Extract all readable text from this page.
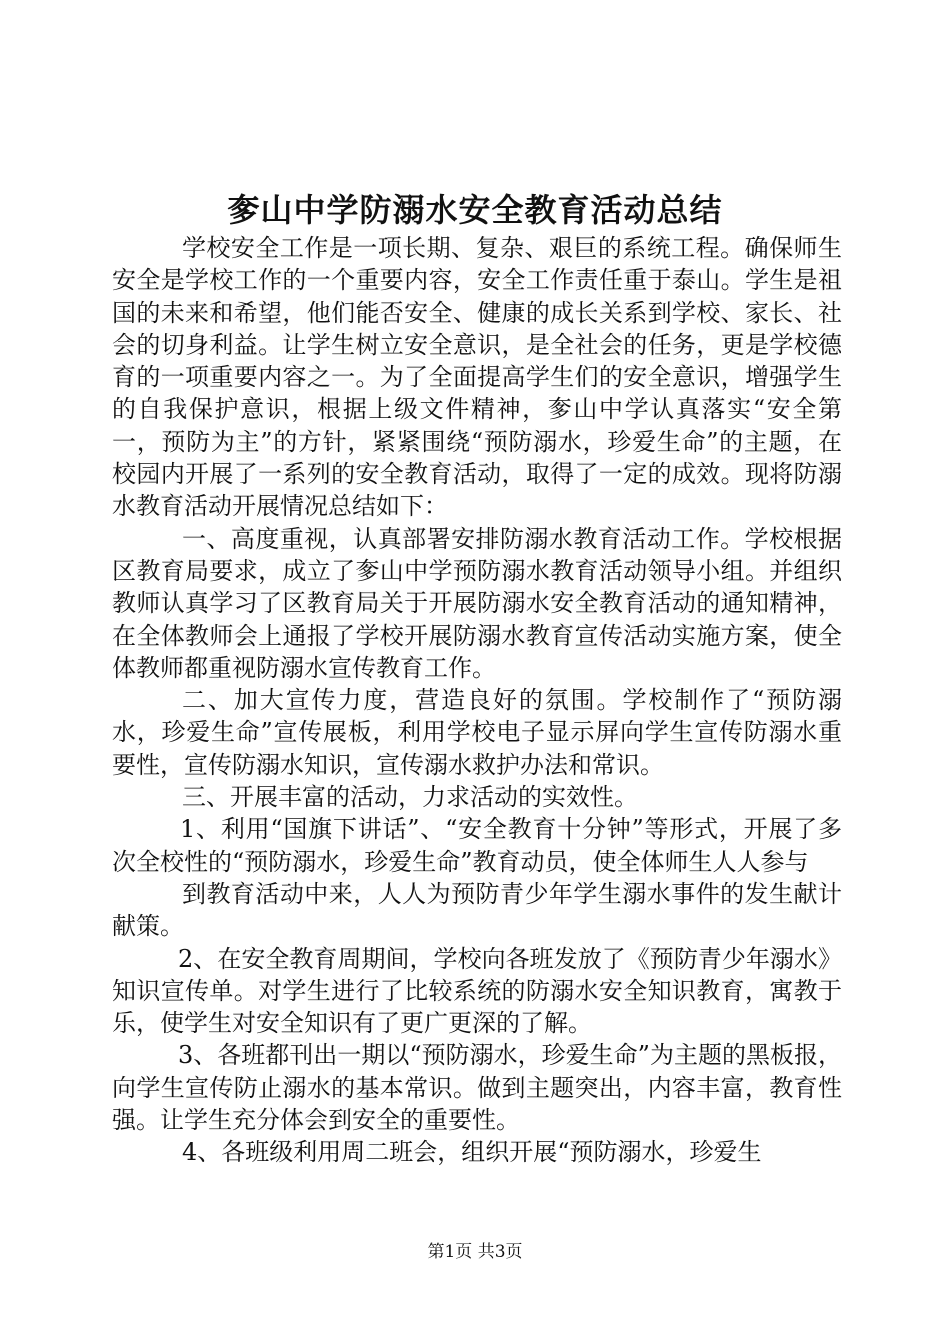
奓山中学防溺水安全教育活动总结

学校安全工作是一项长期、复杂、艰巨的系统工程。确保师生安全是学校工作的一个重要内容，安全工作责任重于泰山。学生是祖国的未来和希望，他们能否安全、健康的成长关系到学校、家长、社会的切身利益。让学生树立安全意识，是全社会的任务，更是学校德育的一项重要内容之一。为了全面提高学生们的安全意识，增强学生的自我保护意识，根据上级文件精神，奓山中学认真落实“安全第一，预防为主”的方针，紧紧围绕“预防溺水，珍爱生命”的主题，在校园内开展了一系列的安全教育活动，取得了一定的成效。现将防溺水教育活动开展情况总结如下：

一、高度重视，认真部署安排防溺水教育活动工作。学校根据区教育局要求，成立了奓山中学预防溺水教育活动领导小组。并组织教师认真学习了区教育局关于开展防溺水安全教育活动的通知精神，在全体教师会上通报了学校开展防溺水教育宣传活动实施方案，使全体教师都重视防溺水宣传教育工作。

二、加大宣传力度，营造良好的氛围。学校制作了“预防溺水，珍爱生命”宣传展板，利用学校电子显示屏向学生宣传防溺水重要性，宣传防溺水知识，宣传溺水救护办法和常识。

三、开展丰富的活动，力求活动的实效性。

1、利用“国旗下讲话”、“安全教育十分钟”等形式，开展了多次全校性的“预防溺水，珍爱生命”教育动员，使全体师生人人参与

到教育活动中来，人人为预防青少年学生溺水事件的发生献计献策。

2、在安全教育周期间，学校向各班发放了《预防青少年溺水》知识宣传单。对学生进行了比较系统的防溺水安全知识教育，寓教于乐，使学生对安全知识有了更广更深的了解。

3、各班都刊出一期以“预防溺水，珍爱生命”为主题的黑板报，向学生宣传防止溺水的基本常识。做到主题突出，内容丰富，教育性强。让学生充分体会到安全的重要性。

4、各班级利用周二班会，组织开展“预防溺水，珍爱生

第1页 共3页
